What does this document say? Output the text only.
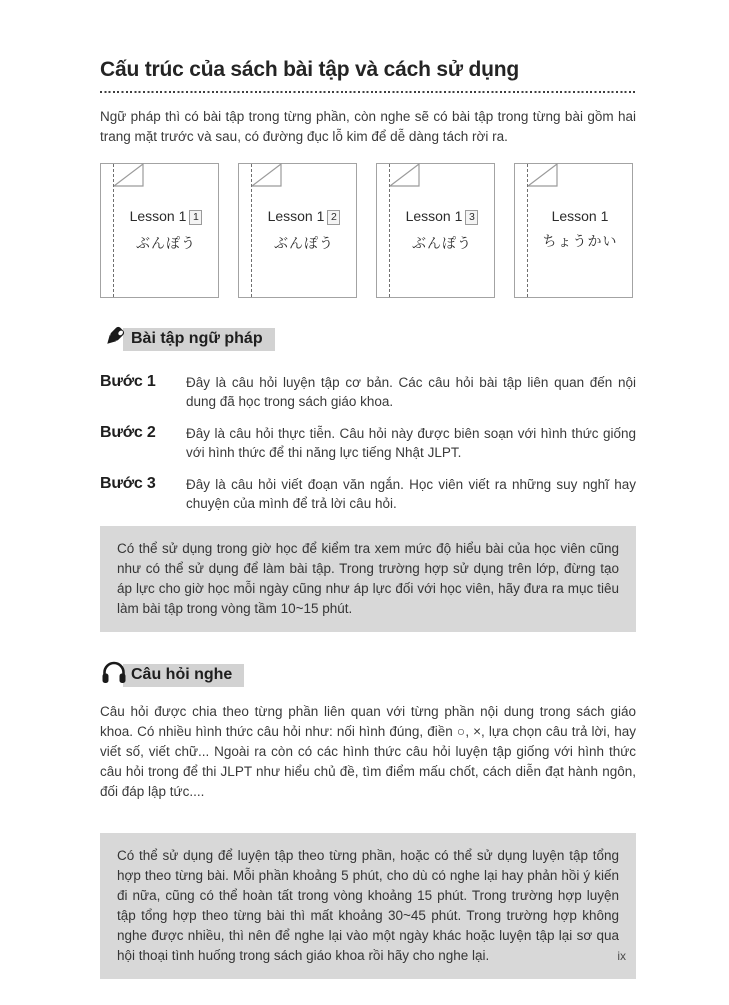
Cấu trúc của sách bài tập và cách sử dụng

Ngữ pháp thì có bài tập trong từng phần, còn nghe sẽ có bài tập trong từng bài gồm hai trang mặt trước và sau, có đường đục lỗ kim để dễ dàng tách rời ra.

Lesson 1 1
ぶんぽう
Lesson 1 2
ぶんぽう
Lesson 1 3
ぶんぽう
Lesson 1
ちょうかい
Bài tập ngữ pháp
Bước 1	Đây là câu hỏi luyện tập cơ bản. Các câu hỏi bài tập liên quan đến nội dung đã học trong sách giáo khoa.
Bước 2	Đây là câu hỏi thực tiễn. Câu hỏi này được biên soạn với hình thức giống với hình thức để thi năng lực tiếng Nhật JLPT.
Bước 3	Đây là câu hỏi viết đoạn văn ngắn. Học viên viết ra những suy nghĩ hay chuyện của mình để trả lời câu hỏi.
Có thể sử dụng trong giờ học để kiểm tra xem mức độ hiểu bài của học viên cũng như có thể sử dụng để làm bài tập. Trong trường hợp sử dụng trên lớp, đừng tạo áp lực cho giờ học mỗi ngày cũng như áp lực đối với học viên, hãy đưa ra mục tiêu làm bài tập trong vòng tầm 10~15 phút.
Câu hỏi nghe

Câu hỏi được chia theo từng phần liên quan với từng phần nội dung trong sách giáo khoa. Có nhiều hình thức câu hỏi như: nối hình đúng, điền ○, ×, lựa chọn câu trả lời, hay viết số, viết chữ... Ngoài ra còn có các hình thức câu hỏi luyện tập giống với hình thức câu hỏi trong để thi JLPT như hiểu chủ đề, tìm điểm mấu chốt, cách diễn đạt hành ngôn, đối đáp lập tức....

Có thể sử dụng để luyện tập theo từng phần, hoặc có thể sử dụng luyện tập tổng hợp theo từng bài. Mỗi phần khoảng 5 phút, cho dù có nghe lại hay phản hồi ý kiến đi nữa, cũng có thể hoàn tất trong vòng khoảng 15 phút. Trong trường hợp luyện tập tổng hợp theo từng bài thì mất khoảng 30~45 phút. Trong trường hợp không nghe được nhiều, thì nên để nghe lại vào một ngày khác hoặc luyện tập lại sơ qua hội thoại tình huống trong sách giáo khoa rồi hãy cho nghe lại.	ix
